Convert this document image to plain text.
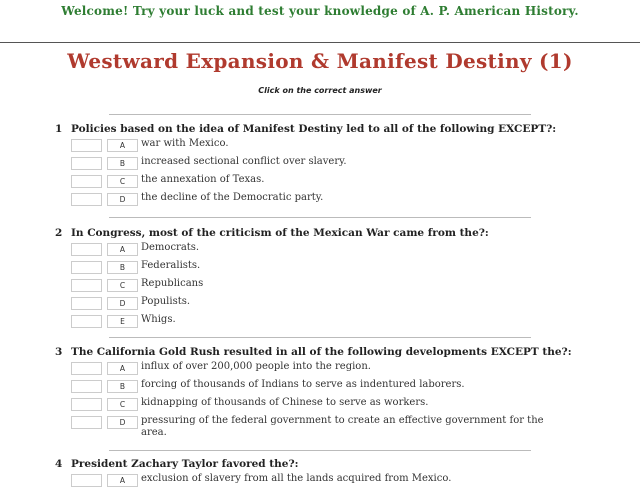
Welcome! Try your luck and test your knowledge of A. P. American History.
Westward Expansion & Manifest Destiny (1)
Click on the correct answer
1 Policies based on the idea of Manifest Destiny led to all of the following EXCEPT?:
A	war with Mexico.
B	increased sectional conflict over slavery.
C	the annexation of Texas.
D	the decline of the Democratic party.
2 In Congress, most of the criticism of the Mexican War came from the?:
A	Democrats.
B	Federalists.
C	Republicans
D	Populists.
E	Whigs.
3 The California Gold Rush resulted in all of the following developments EXCEPT the?:
A	influx of over 200,000 people into the region.
B	forcing of thousands of Indians to serve as indentured laborers.
C	kidnapping of thousands of Chinese to serve as workers.
D	pressuring of the federal government to create an effective government for the area.
4 President Zachary Taylor favored the?:
A	exclusion of slavery from all the lands acquired from Mexico.
